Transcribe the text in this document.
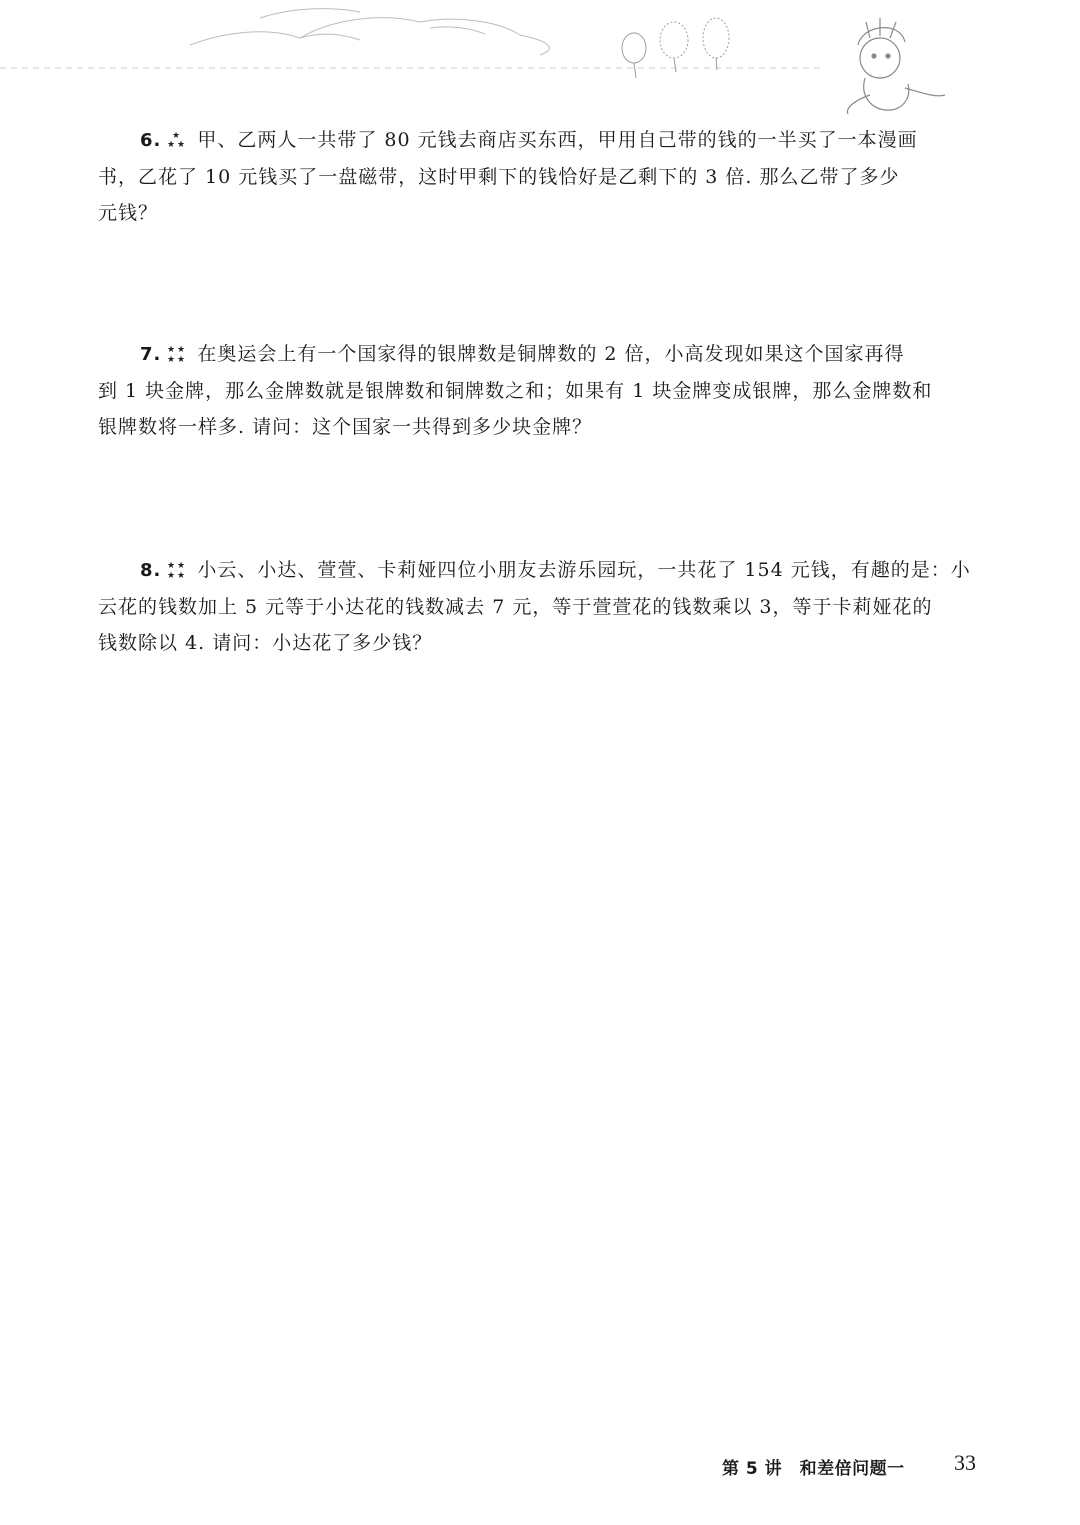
6. ★
★ ★ 甲、乙两人一共带了 80 元钱去商店买东西，甲用自己带的钱的一半买了一本漫画
书，乙花了 10 元钱买了一盘磁带，这时甲剩下的钱恰好是乙剩下的 3 倍. 那么乙带了多少
元钱？
7. ★ ★
★ ★ 在奥运会上有一个国家得的银牌数是铜牌数的 2 倍，小高发现如果这个国家再得
到 1 块金牌，那么金牌数就是银牌数和铜牌数之和；如果有 1 块金牌变成银牌，那么金牌数和
银牌数将一样多. 请问：这个国家一共得到多少块金牌？
8. ★ ★
★ ★ 小云、小达、萱萱、卡莉娅四位小朋友去游乐园玩，一共花了 154 元钱，有趣的是：小
云花的钱数加上 5 元等于小达花的钱数减去 7 元，等于萱萱花的钱数乘以 3，等于卡莉娅花的
钱数除以 4. 请问：小达花了多少钱？
第 5 讲　和差倍问题一 33
